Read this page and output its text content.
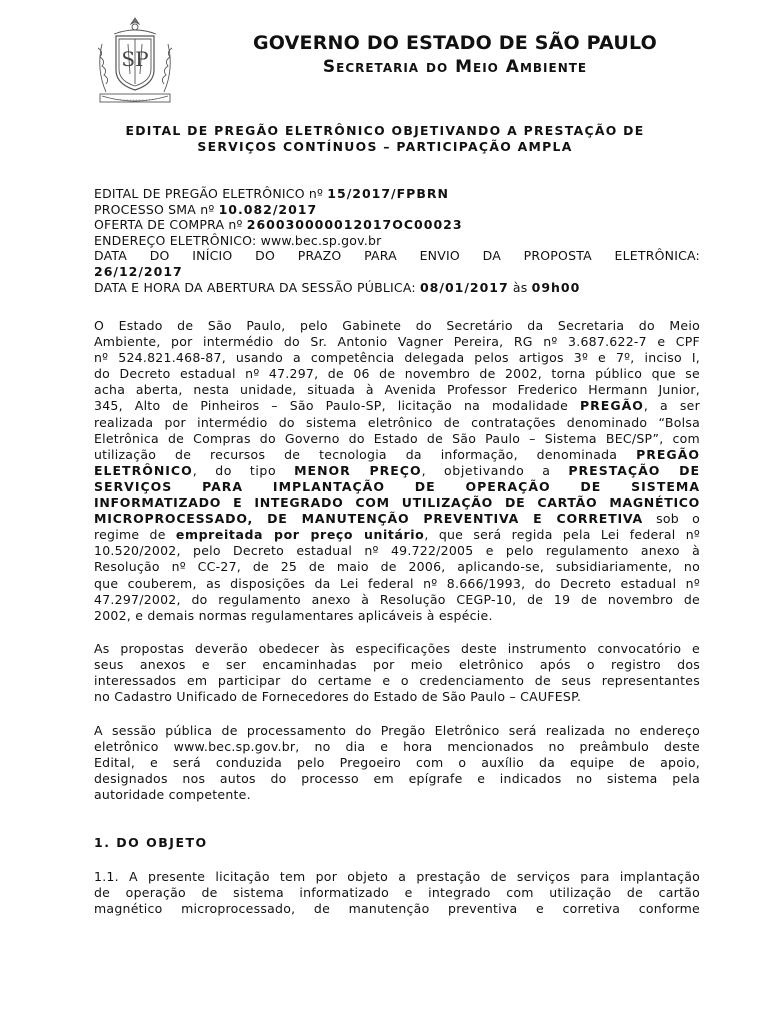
SP
· · · · · · · · · · · · · ·
GOVERNO DO ESTADO DE SÃO PAULO
Secretaria do Meio Ambiente
EDITAL DE PREGÃO ELETRÔNICO OBJETIVANDO A PRESTAÇÃO DE
SERVIÇOS CONTÍNUOS – PARTICIPAÇÃO AMPLA
EDITAL DE PREGÃO ELETRÔNICO nº 15/2017/FPBRN
PROCESSO SMA nº 10.082/2017
OFERTA DE COMPRA nº 260030000012017OC00023
ENDEREÇO ELETRÔNICO: www.bec.sp.gov.br
DATA DO INÍCIO DO PRAZO PARA ENVIO DA PROPOSTA ELETRÔNICA:
26/12/2017
DATA E HORA DA ABERTURA DA SESSÃO PÚBLICA: 08/01/2017 às 09h00
O Estado de São Paulo, pelo Gabinete do Secretário da Secretaria do Meio
Ambiente, por intermédio do Sr. Antonio Vagner Pereira, RG nº 3.687.622-7 e CPF
nº 524.821.468-87, usando a competência delegada pelos artigos 3º e 7º, inciso I,
do Decreto estadual nº 47.297, de 06 de novembro de 2002, torna público que se
acha aberta, nesta unidade, situada à Avenida Professor Frederico Hermann Junior,
345, Alto de Pinheiros – São Paulo-SP, licitação na modalidade PREGÃO, a ser
realizada por intermédio do sistema eletrônico de contratações denominado “Bolsa
Eletrônica de Compras do Governo do Estado de São Paulo – Sistema BEC/SP”, com
utilização de recursos de tecnologia da informação, denominada PREGÃO
ELETRÔNICO, do tipo MENOR PREÇO, objetivando a PRESTAÇÃO DE
SERVIÇOS PARA IMPLANTAÇÃO DE OPERAÇÃO DE SISTEMA
INFORMATIZADO E INTEGRADO COM UTILIZAÇÃO DE CARTÃO MAGNÉTICO
MICROPROCESSADO, DE MANUTENÇÃO PREVENTIVA E CORRETIVA sob o
regime de empreitada por preço unitário, que será regida pela Lei federal nº
10.520/2002, pelo Decreto estadual nº 49.722/2005 e pelo regulamento anexo à
Resolução nº CC-27, de 25 de maio de 2006, aplicando-se, subsidiariamente, no
que couberem, as disposições da Lei federal nº 8.666/1993, do Decreto estadual nº
47.297/2002, do regulamento anexo à Resolução CEGP-10, de 19 de novembro de
2002, e demais normas regulamentares aplicáveis à espécie.
As propostas deverão obedecer às especificações deste instrumento convocatório e
seus anexos e ser encaminhadas por meio eletrônico após o registro dos
interessados em participar do certame e o credenciamento de seus representantes
no Cadastro Unificado de Fornecedores do Estado de São Paulo – CAUFESP.
A sessão pública de processamento do Pregão Eletrônico será realizada no endereço
eletrônico www.bec.sp.gov.br, no dia e hora mencionados no preâmbulo deste
Edital, e será conduzida pelo Pregoeiro com o auxílio da equipe de apoio,
designados nos autos do processo em epígrafe e indicados no sistema pela
autoridade competente.
1. DO OBJETO
1.1. A presente licitação tem por objeto a prestação de serviços para implantação
de operação de sistema informatizado e integrado com utilização de cartão
magnético microprocessado, de manutenção preventiva e corretiva conforme
